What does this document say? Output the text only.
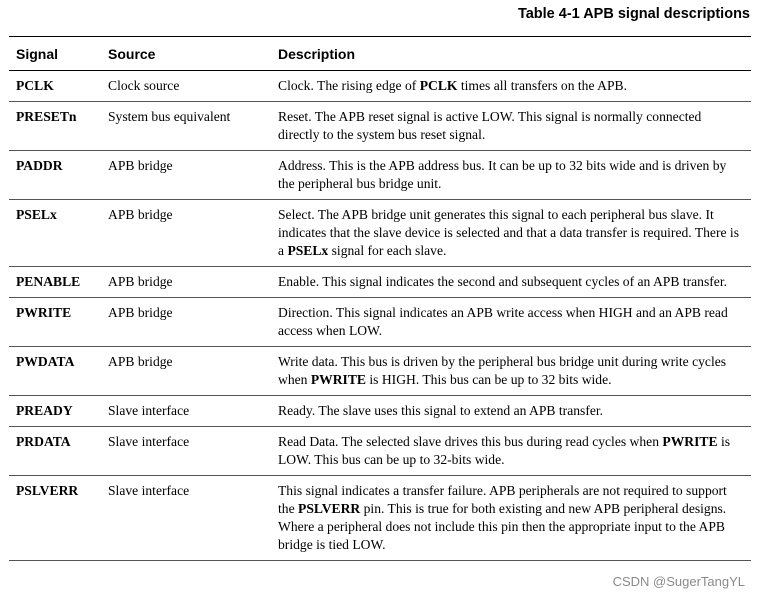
Table 4-1 APB signal descriptions
Signal	Source	Description
PCLK	Clock source	Clock. The rising edge of PCLK times all transfers on the APB.
PRESETn	System bus equivalent	Reset. The APB reset signal is active LOW. This signal is normally connected directly to the system bus reset signal.
PADDR	APB bridge	Address. This is the APB address bus. It can be up to 32 bits wide and is driven by the peripheral bus bridge unit.
PSELx	APB bridge	Select. The APB bridge unit generates this signal to each peripheral bus slave. It indicates that the slave device is selected and that a data transfer is required. There is a PSELx signal for each slave.
PENABLE	APB bridge	Enable. This signal indicates the second and subsequent cycles of an APB transfer.
PWRITE	APB bridge	Direction. This signal indicates an APB write access when HIGH and an APB read access when LOW.
PWDATA	APB bridge	Write data. This bus is driven by the peripheral bus bridge unit during write cycles when PWRITE is HIGH. This bus can be up to 32 bits wide.
PREADY	Slave interface	Ready. The slave uses this signal to extend an APB transfer.
PRDATA	Slave interface	Read Data. The selected slave drives this bus during read cycles when PWRITE is LOW. This bus can be up to 32-bits wide.
PSLVERR	Slave interface	This signal indicates a transfer failure. APB peripherals are not required to support the PSLVERR pin. This is true for both existing and new APB peripheral designs. Where a peripheral does not include this pin then the appropriate input to the APB bridge is tied LOW.
CSDN @SugerTangYL
